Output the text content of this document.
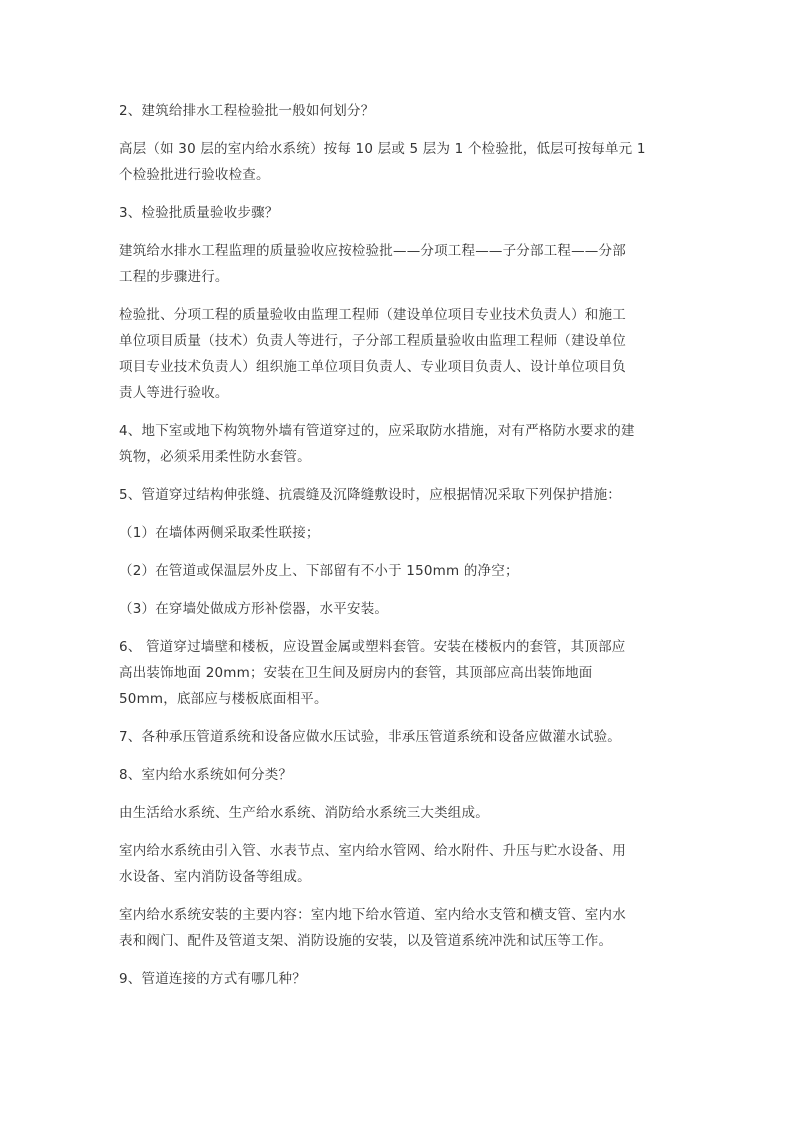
2、建筑给排水工程检验批一般如何划分？
高层（如 30 层的室内给水系统）按每 10 层或 5 层为 1 个检验批，低层可按每单元 1
个检验批进行验收检查。
3、检验批质量验收步骤？
建筑给水排水工程监理的质量验收应按检验批——分项工程——子分部工程——分部
工程的步骤进行。
检验批、分项工程的质量验收由监理工程师（建设单位项目专业技术负责人）和施工
单位项目质量（技术）负责人等进行，子分部工程质量验收由监理工程师（建设单位
项目专业技术负责人）组织施工单位项目负责人、专业项目负责人、设计单位项目负
责人等进行验收。
4、地下室或地下构筑物外墙有管道穿过的，应采取防水措施，对有严格防水要求的建
筑物，必须采用柔性防水套管。
5、管道穿过结构伸张缝、抗震缝及沉降缝敷设时，应根据情况采取下列保护措施：
（1）在墙体两侧采取柔性联接；
（2）在管道或保温层外皮上、下部留有不小于 150mm 的净空；
（3）在穿墙处做成方形补偿器，水平安装。
6、 管道穿过墙壁和楼板，应设置金属或塑料套管。安装在楼板内的套管，其顶部应
高出装饰地面 20mm；安装在卫生间及厨房内的套管，其顶部应高出装饰地面
50mm，底部应与楼板底面相平。
7、各种承压管道系统和设备应做水压试验，非承压管道系统和设备应做灌水试验。
8、室内给水系统如何分类？
由生活给水系统、生产给水系统、消防给水系统三大类组成。
室内给水系统由引入管、水表节点、室内给水管网、给水附件、升压与贮水设备、用
水设备、室内消防设备等组成。
室内给水系统安装的主要内容：室内地下给水管道、室内给水支管和横支管、室内水
表和阀门、配件及管道支架、消防设施的安装，以及管道系统冲洗和试压等工作。
9、管道连接的方式有哪几种？
